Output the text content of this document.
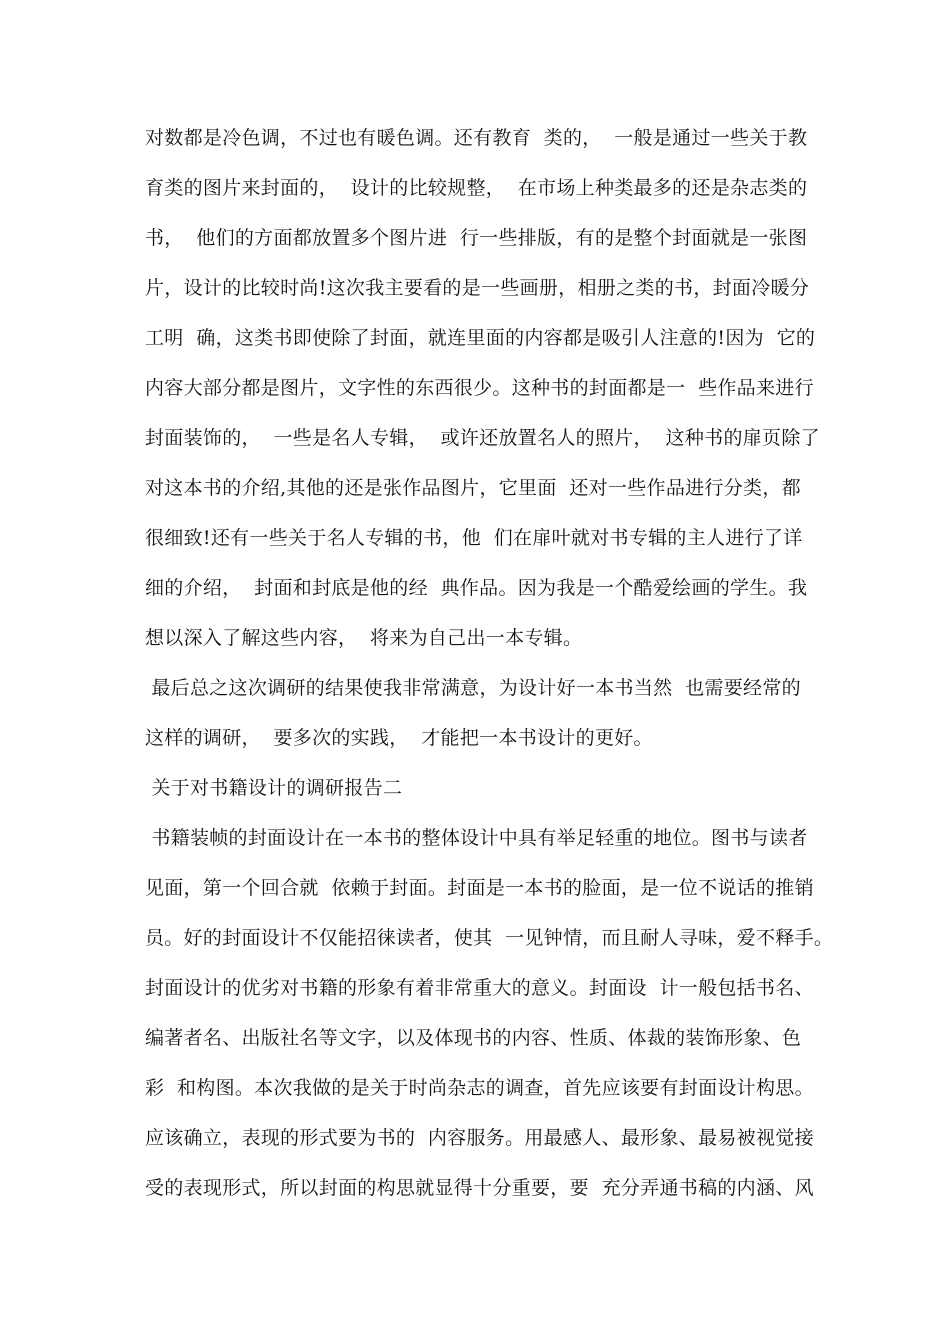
对数都是冷色调，不过也有暖色调。还有教育  类的，  一般是通过一些关于教

育类的图片来封面的，  设计的比较规整，  在市场上种类最多的还是杂志类的

书，  他们的方面都放置多个图片进  行一些排版，有的是整个封面就是一张图

片，设计的比较时尚!这次我主要看的是一些画册，相册之类的书，封面冷暖分

工明  确，这类书即使除了封面，就连里面的内容都是吸引人注意的!因为  它的

内容大部分都是图片，文字性的东西很少。这种书的封面都是一  些作品来进行

封面装饰的，  一些是名人专辑，  或许还放置名人的照片，  这种书的扉页除了

对这本书的介绍,其他的还是张作品图片，它里面  还对一些作品进行分类，都

很细致!还有一些关于名人专辑的书，他  们在扉叶就对书专辑的主人进行了详

细的介绍，  封面和封底是他的经  典作品。因为我是一个酷爱绘画的学生。我

想以深入了解这些内容，  将来为自己出一本专辑。

最后总之这次调研的结果使我非常满意，为设计好一本书当然  也需要经常的

这样的调研，  要多次的实践，  才能把一本书设计的更好。

关于对书籍设计的调研报告二

书籍装帧的封面设计在一本书的整体设计中具有举足轻重的地位。图书与读者

见面，第一个回合就  依赖于封面。封面是一本书的脸面，是一位不说话的推销

员。好的封面设计不仅能招徕读者，使其  一见钟情，而且耐人寻味，爱不释手。

封面设计的优劣对书籍的形象有着非常重大的意义。封面设  计一般包括书名、

编著者名、出版社名等文字，以及体现书的内容、性质、体裁的装饰形象、色

彩  和构图。本次我做的是关于时尚杂志的调查，首先应该要有封面设计构思。

应该确立，表现的形式要为书的  内容服务。用最感人、最形象、最易被视觉接

受的表现形式，所以封面的构思就显得十分重要，要  充分弄通书稿的内涵、风
